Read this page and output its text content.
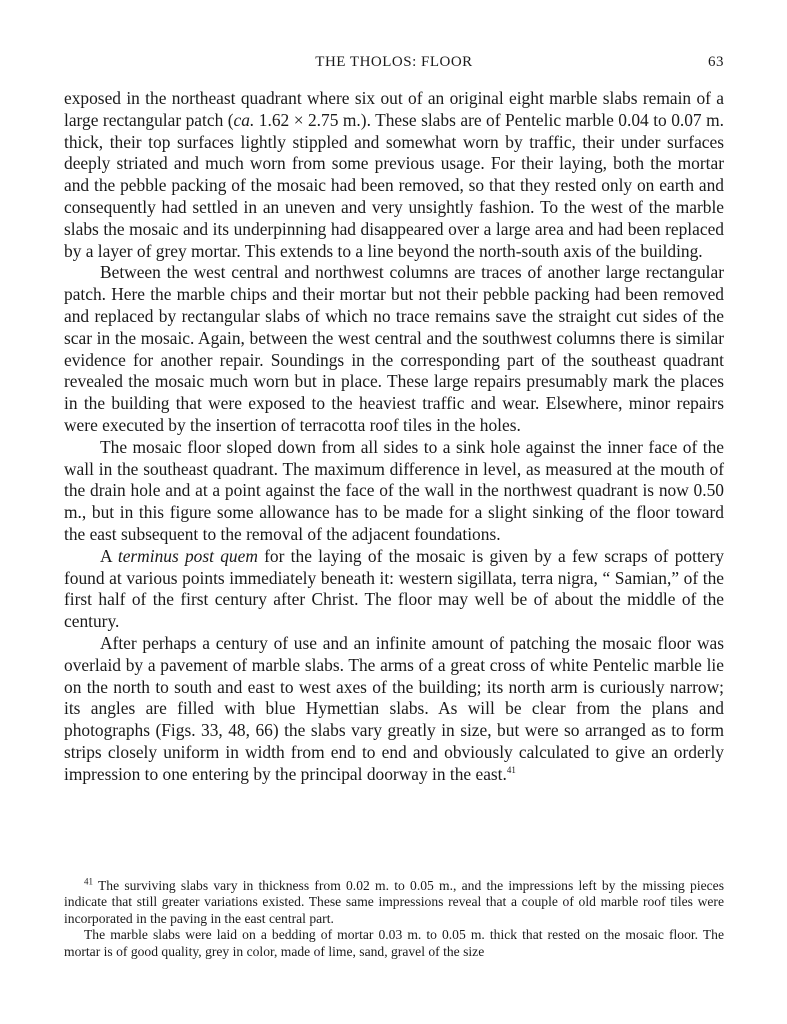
THE THOLOS: FLOOR	63

exposed in the northeast quadrant where six out of an original eight marble slabs remain of a large rectangular patch (ca. 1.62 × 2.75 m.). These slabs are of Pentelic marble 0.04 to 0.07 m. thick, their top surfaces lightly stippled and somewhat worn by traffic, their under surfaces deeply striated and much worn from some previous usage. For their laying, both the mortar and the pebble packing of the mosaic had been removed, so that they rested only on earth and consequently had settled in an uneven and very unsightly fashion. To the west of the marble slabs the mosaic and its underpinning had disappeared over a large area and had been replaced by a layer of grey mortar. This extends to a line beyond the north-south axis of the building.

Between the west central and northwest columns are traces of another large rectangular patch. Here the marble chips and their mortar but not their pebble packing had been removed and replaced by rectangular slabs of which no trace remains save the straight cut sides of the scar in the mosaic. Again, between the west central and the southwest columns there is similar evidence for another repair. Soundings in the corresponding part of the southeast quadrant revealed the mosaic much worn but in place. These large repairs presumably mark the places in the building that were exposed to the heaviest traffic and wear. Elsewhere, minor repairs were executed by the insertion of terracotta roof tiles in the holes.

The mosaic floor sloped down from all sides to a sink hole against the inner face of the wall in the southeast quadrant. The maximum difference in level, as measured at the mouth of the drain hole and at a point against the face of the wall in the northwest quadrant is now 0.50 m., but in this figure some allowance has to be made for a slight sinking of the floor toward the east subsequent to the removal of the adjacent foundations.

A terminus post quem for the laying of the mosaic is given by a few scraps of pottery found at various points immediately beneath it: western sigillata, terra nigra, “ Samian,” of the first half of the first century after Christ. The floor may well be of about the middle of the century.

After perhaps a century of use and an infinite amount of patching the mosaic floor was overlaid by a pavement of marble slabs. The arms of a great cross of white Pentelic marble lie on the north to south and east to west axes of the building; its north arm is curiously narrow; its angles are filled with blue Hymettian slabs. As will be clear from the plans and photographs (Figs. 33, 48, 66) the slabs vary greatly in size, but were so arranged as to form strips closely uniform in width from end to end and obviously calculated to give an orderly impression to one entering by the principal doorway in the east.$^{41}$

$^{41}$ The surviving slabs vary in thickness from 0.02 m. to 0.05 m., and the impressions left by the missing pieces indicate that still greater variations existed. These same impressions reveal that a couple of old marble roof tiles were incorporated in the paving in the east central part.

The marble slabs were laid on a bedding of mortar 0.03 m. to 0.05 m. thick that rested on the mosaic floor. The mortar is of good quality, grey in color, made of lime, sand, gravel of the size
